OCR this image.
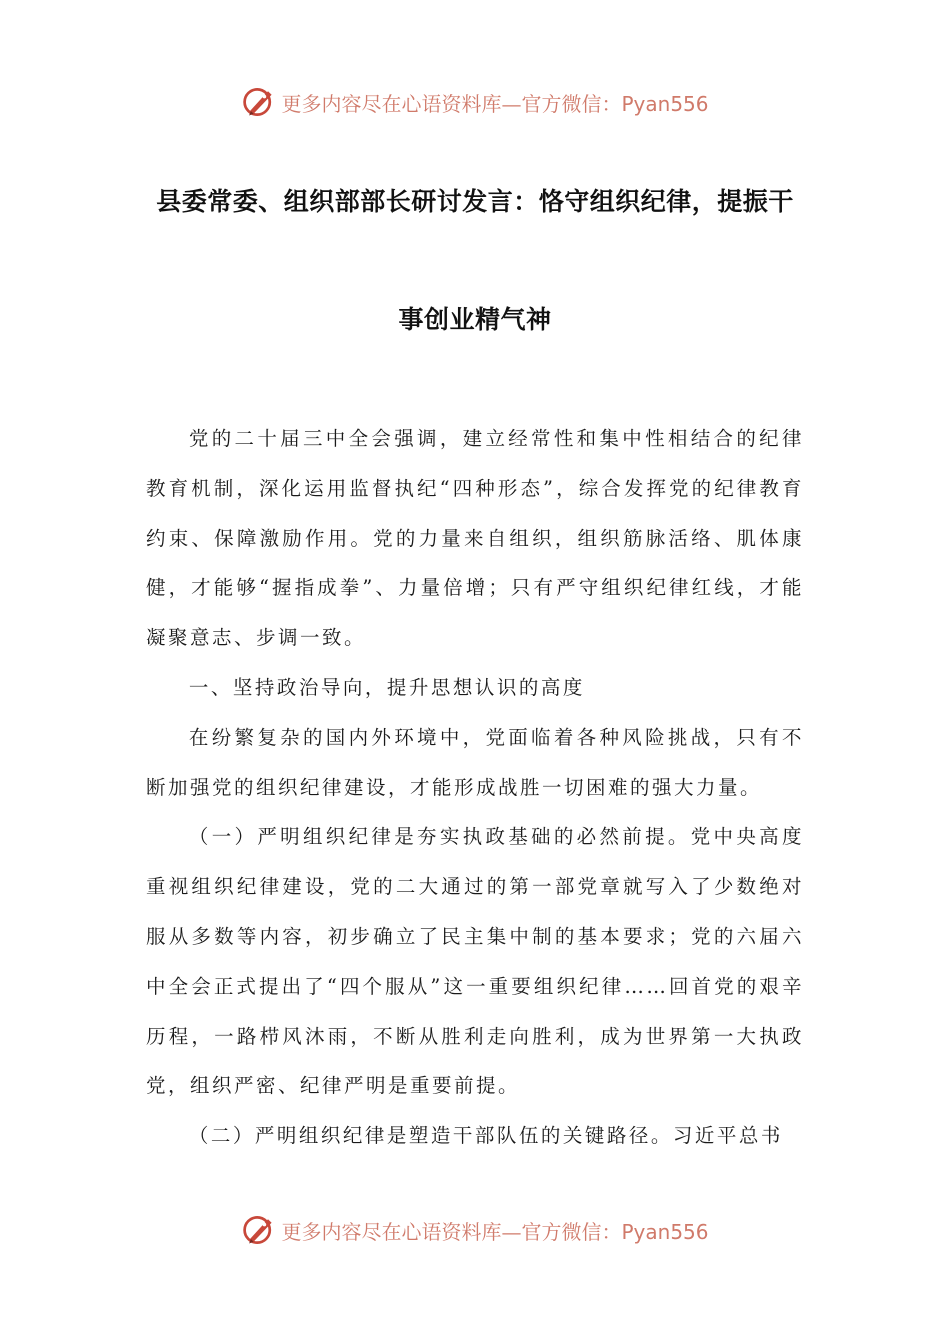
更多内容尽在心语资料库—官方微信：Pyan556
县委常委、组织部部长研讨发言：恪守组织纪律，提振干
事创业精气神

党的二十届三中全会强调，建立经常性和集中性相结合的纪律教育机制，深化运用监督执纪“四种形态”，综合发挥党的纪律教育约束、保障激励作用。党的力量来自组织，组织筋脉活络、肌体康健，才能够“握指成拳”、力量倍增；只有严守组织纪律红线，才能凝聚意志、步调一致。

一、坚持政治导向，提升思想认识的高度

在纷繁复杂的国内外环境中，党面临着各种风险挑战，只有不断加强党的组织纪律建设，才能形成战胜一切困难的强大力量。

（一）严明组织纪律是夯实执政基础的必然前提。党中央高度重视组织纪律建设，党的二大通过的第一部党章就写入了少数绝对服从多数等内容，初步确立了民主集中制的基本要求；党的六届六中全会正式提出了“四个服从”这一重要组织纪律……回首党的艰辛历程，一路栉风沐雨，不断从胜利走向胜利，成为世界第一大执政党，组织严密、纪律严明是重要前提。

（二）严明组织纪律是塑造干部队伍的关键路径。习近平总书

更多内容尽在心语资料库—官方微信：Pyan556
